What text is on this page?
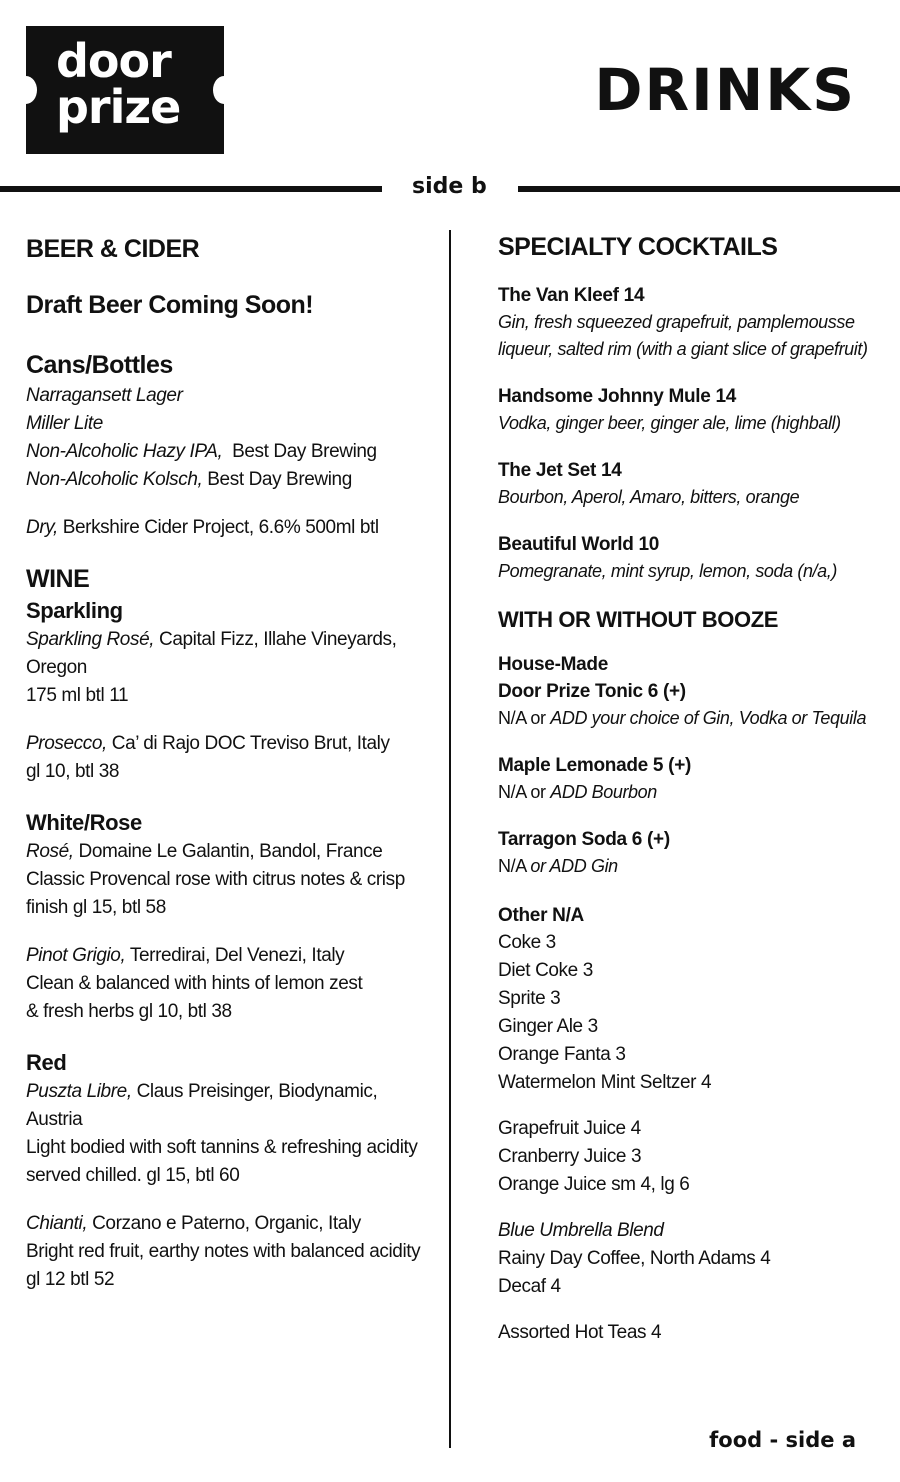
door
prize	DRINKS
side b
BEER & CIDER
Draft Beer Coming Soon!
Cans/Bottles
Narragansett Lager
Miller Lite
Non-Alcoholic Hazy IPA,  Best Day Brewing
Non-Alcoholic Kolsch, Best Day Brewing
Dry, Berkshire Cider Project, 6.6% 500ml btl
WINE
Sparkling
Sparkling Rosé, Capital Fizz, Illahe Vineyards, Oregon
175 ml btl 11
Prosecco, Ca’ di Rajo DOC Treviso Brut, Italy
gl 10, btl 38
White/Rose
Rosé, Domaine Le Galantin, Bandol, France
Classic Provencal rose with citrus notes & crisp
finish gl 15, btl 58
Pinot Grigio, Terredirai, Del Venezi, Italy
Clean & balanced with hints of lemon zest
& fresh herbs gl 10, btl 38
Red
Puszta Libre, Claus Preisinger, Biodynamic, Austria
Light bodied with soft tannins & refreshing acidity
served chilled. gl 15, btl 60
Chianti, Corzano e Paterno, Organic, Italy
Bright red fruit, earthy notes with balanced acidity
gl 12 btl 52
SPECIALTY COCKTAILS
The Van Kleef 14
Gin, fresh squeezed grapefruit, pamplemousse
liqueur, salted rim (with a giant slice of grapefruit)
Handsome Johnny Mule 14
Vodka, ginger beer, ginger ale, lime (highball)
The Jet Set 14
Bourbon, Aperol, Amaro, bitters, orange
Beautiful World 10
Pomegranate, mint syrup, lemon, soda (n/a,)
WITH OR WITHOUT BOOZE
House-Made
Door Prize Tonic 6 (+)
N/A or ADD your choice of Gin, Vodka or Tequila
Maple Lemonade 5 (+)
N/A or ADD Bourbon
Tarragon Soda 6 (+)
N/A or ADD Gin
Other N/A
Coke 3
Diet Coke 3
Sprite 3
Ginger Ale 3
Orange Fanta 3
Watermelon Mint Seltzer 4
Grapefruit Juice 4
Cranberry Juice 3
Orange Juice sm 4, lg 6
Blue Umbrella Blend
Rainy Day Coffee, North Adams 4
Decaf 4
Assorted Hot Teas 4
food - side a
